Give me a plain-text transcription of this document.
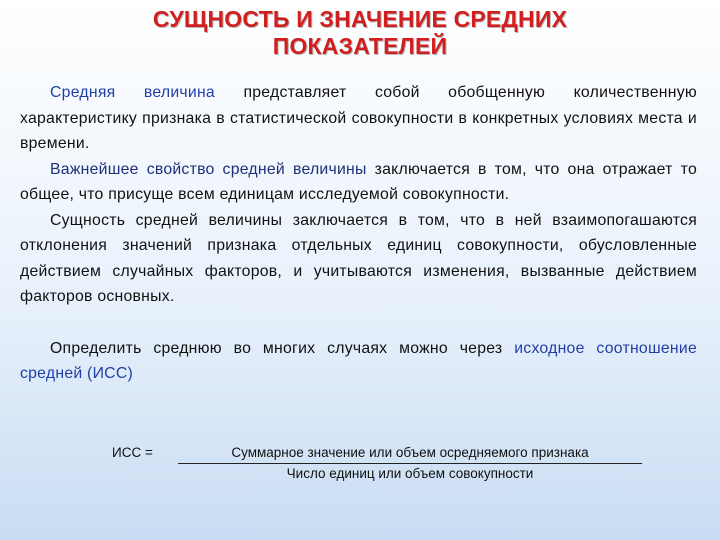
СУЩНОСТЬ И ЗНАЧЕНИЕ СРЕДНИХ
ПОКАЗАТЕЛЕЙ

Средняя величина представляет собой обобщенную количественную характеристику признака в статистической совокупности в конкретных условиях места и времени.

Важнейшее свойство средней величины заключается в том, что она отражает то общее, что присуще всем единицам исследуемой совокупности.

Сущность средней величины заключается в том, что в ней взаимопогашаются отклонения значений признака отдельных единиц совокупности, обусловленные действием случайных факторов, и учитываются изменения, вызванные действием факторов основных.

Определить среднюю во многих случаях можно через исходное соотношение средней (ИСС)

ИСС =	Суммарное значение или объем осредняемого признака
Число единиц или объем совокупности
